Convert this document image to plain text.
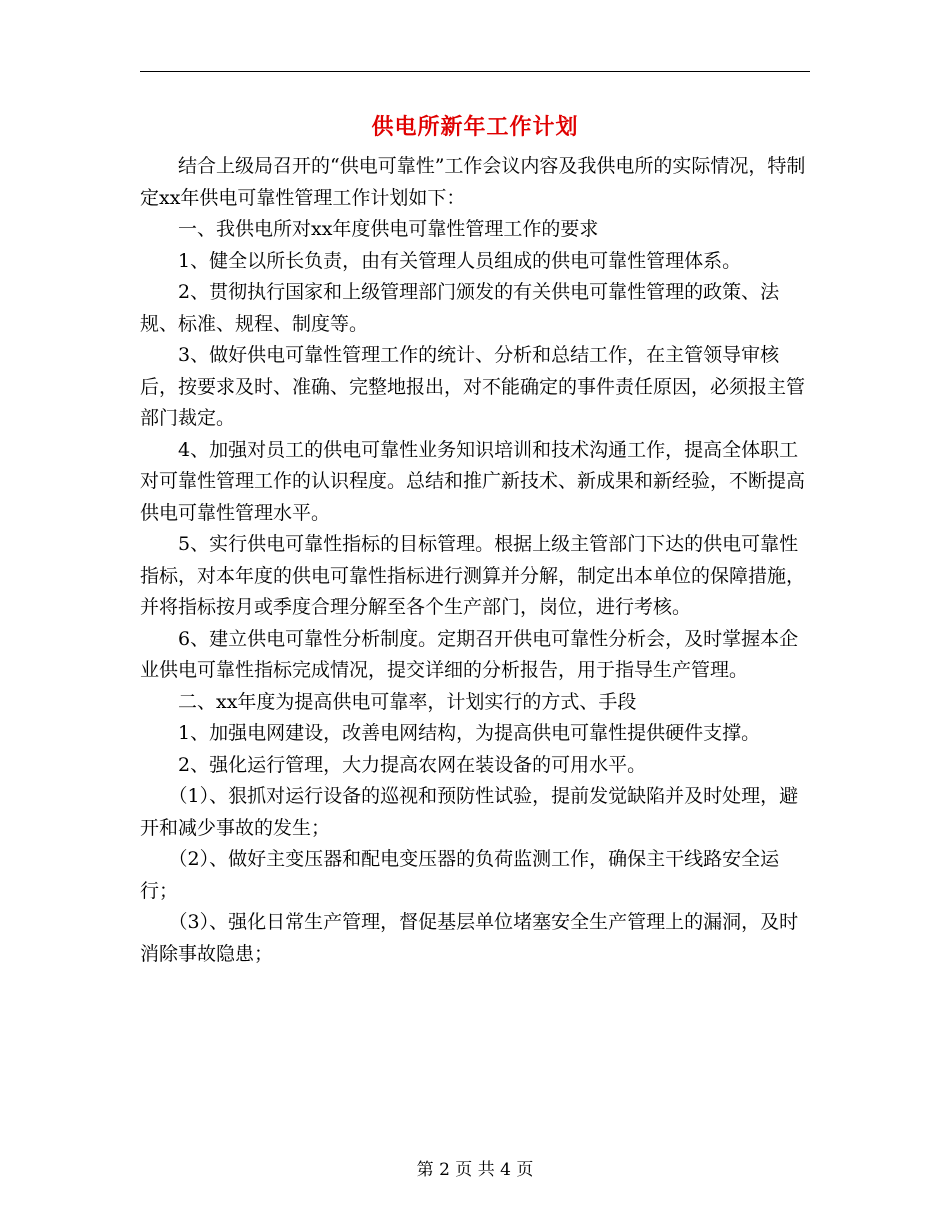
供电所新年工作计划

结合上级局召开的“供电可靠性”工作会议内容及我供电所的实际情况，特制定xx年供电可靠性管理工作计划如下：

一、我供电所对xx年度供电可靠性管理工作的要求

1、健全以所长负责，由有关管理人员组成的供电可靠性管理体系。

2、贯彻执行国家和上级管理部门颁发的有关供电可靠性管理的政策、法规、标准、规程、制度等。

3、做好供电可靠性管理工作的统计、分析和总结工作，在主管领导审核后，按要求及时、准确、完整地报出，对不能确定的事件责任原因，必须报主管部门裁定。

4、加强对员工的供电可靠性业务知识培训和技术沟通工作，提高全体职工对可靠性管理工作的认识程度。总结和推广新技术、新成果和新经验，不断提高供电可靠性管理水平。

5、实行供电可靠性指标的目标管理。根据上级主管部门下达的供电可靠性指标，对本年度的供电可靠性指标进行测算并分解，制定出本单位的保障措施，并将指标按月或季度合理分解至各个生产部门，岗位，进行考核。

6、建立供电可靠性分析制度。定期召开供电可靠性分析会，及时掌握本企业供电可靠性指标完成情况，提交详细的分析报告，用于指导生产管理。

二、xx年度为提高供电可靠率，计划实行的方式、手段

1、加强电网建设，改善电网结构，为提高供电可靠性提供硬件支撑。

2、强化运行管理，大力提高农网在装设备的可用水平。

（1）、狠抓对运行设备的巡视和预防性试验，提前发觉缺陷并及时处理，避开和减少事故的发生；

（2）、做好主变压器和配电变压器的负荷监测工作，确保主干线路安全运行；

（3）、强化日常生产管理，督促基层单位堵塞安全生产管理上的漏洞，及时消除事故隐患；

第 2 页 共 4 页
